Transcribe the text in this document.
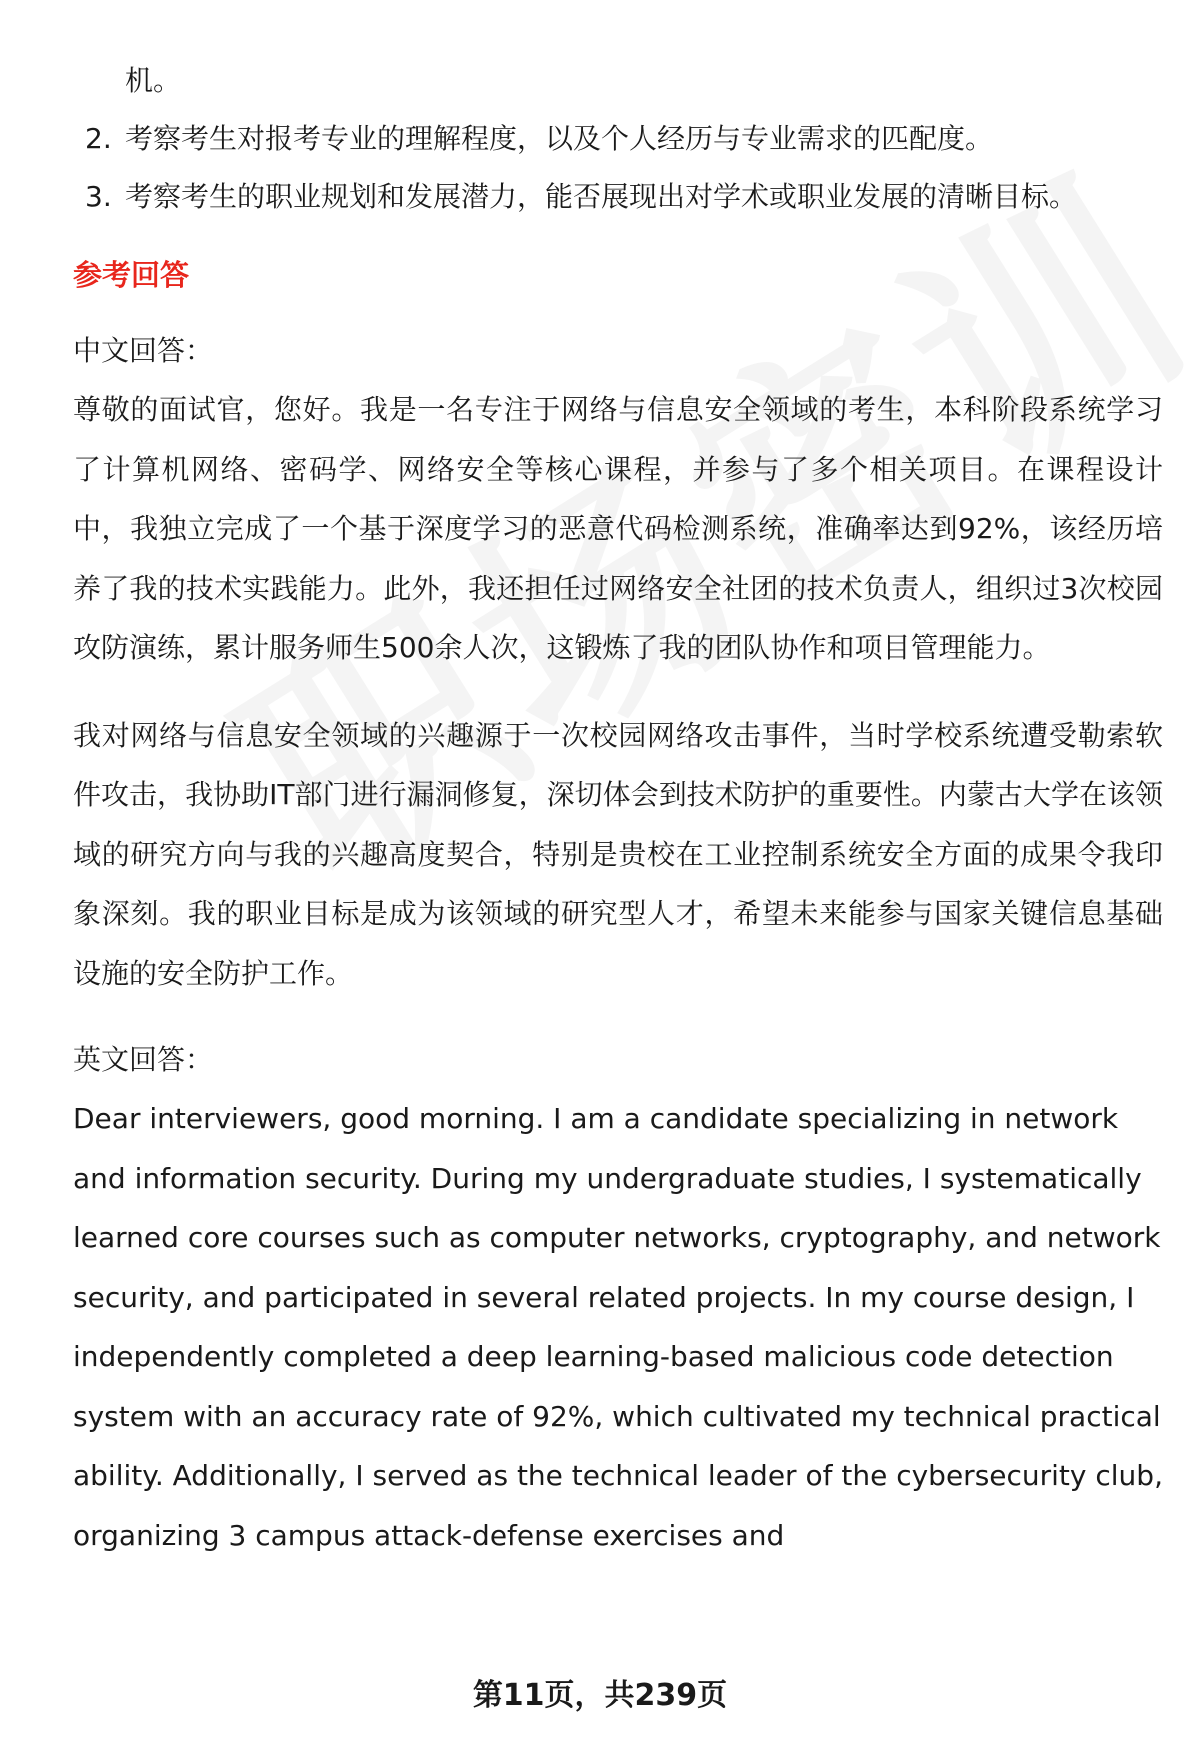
机。

2. 考察考生对报考专业的理解程度，以及个人经历与专业需求的匹配度。
3. 考察考生的职业规划和发展潜力，能否展现出对学术或职业发展的清晰目标。
参考回答

中文回答：

尊敬的面试官，您好。我是一名专注于网络与信息安全领域的考生，本科阶段系统学习了计算机网络、密码学、网络安全等核心课程，并参与了多个相关项目。在课程设计中，我独立完成了一个基于深度学习的恶意代码检测系统，准确率达到92%，该经历培养了我的技术实践能力。此外，我还担任过网络安全社团的技术负责人，组织过3次校园攻防演练，累计服务师生500余人次，这锻炼了我的团队协作和项目管理能力。

我对网络与信息安全领域的兴趣源于一次校园网络攻击事件，当时学校系统遭受勒索软件攻击，我协助IT部门进行漏洞修复，深切体会到技术防护的重要性。内蒙古大学在该领域的研究方向与我的兴趣高度契合，特别是贵校在工业控制系统安全方面的成果令我印象深刻。我的职业目标是成为该领域的研究型人才，希望未来能参与国家关键信息基础设施的安全防护工作。

英文回答：

Dear interviewers, good morning. I am a candidate specializing in network and information security. During my undergraduate studies, I systematically learned core courses such as computer networks, cryptography, and network security, and participated in several related projects. In my course design, I independently completed a deep learning-based malicious code detection system with an accuracy rate of 92%, which cultivated my technical practical ability. Additionally, I served as the technical leader of the cybersecurity club, organizing 3 campus attack-defense exercises and

第11页，共239页
